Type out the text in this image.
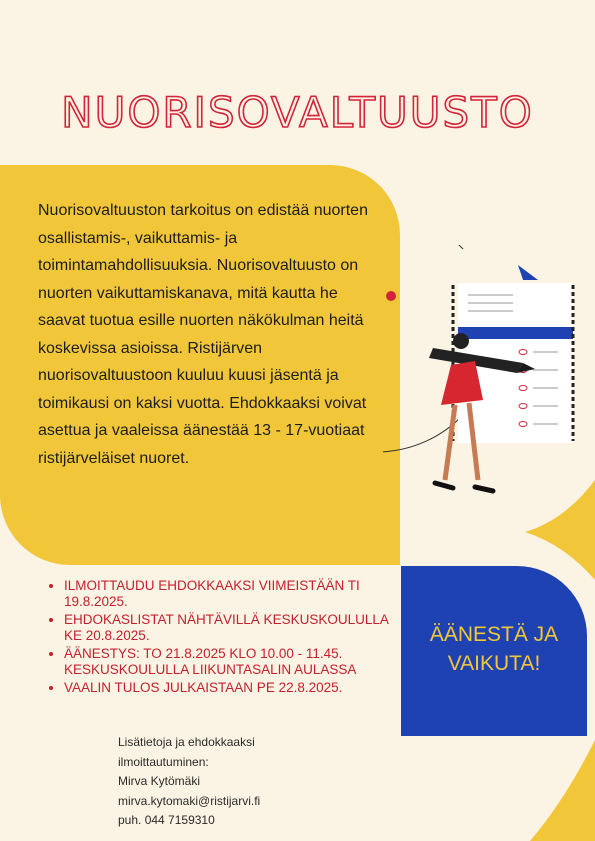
NUORISOVALTUUSTO
Nuorisovaltuuston tarkoitus on edistää nuorten osallistamis-, vaikuttamis- ja toimintamahdollisuuksia. Nuorisovaltuusto on nuorten vaikuttamiskanava, mitä kautta he saavat tuotua esille nuorten näkökulman heitä koskevissa asioissa. Ristijärven nuorisovaltuustoon kuuluu kuusi jäsentä ja toimikausi on kaksi vuotta. Ehdokkaaksi voivat asettua ja vaaleissa äänestää 13 - 17-vuotiaat ristijärveläiset nuoret.
ÄÄNESTÄ JA
VAIKUTA!
• ILMOITTAUDU EHDOKKAAKSI VIIMEISTÄÄN TI 19.8.2025.
• EHDOKASLISTAT NÄHTÄVILLÄ KESKUSKOULULLA KE 20.8.2025.
• ÄÄNESTYS: TO 21.8.2025 KLO 10.00 - 11.45. KESKUSKOULULLA LIIKUNTASALIN AULASSA
• VAALIN TULOS JULKAISTAAN PE 22.8.2025.
Lisätietoja ja ehdokkaaksi
ilmoittautuminen:
Mirva Kytömäki
mirva.kytomaki@ristijarvi.fi
puh. 044 7159310
